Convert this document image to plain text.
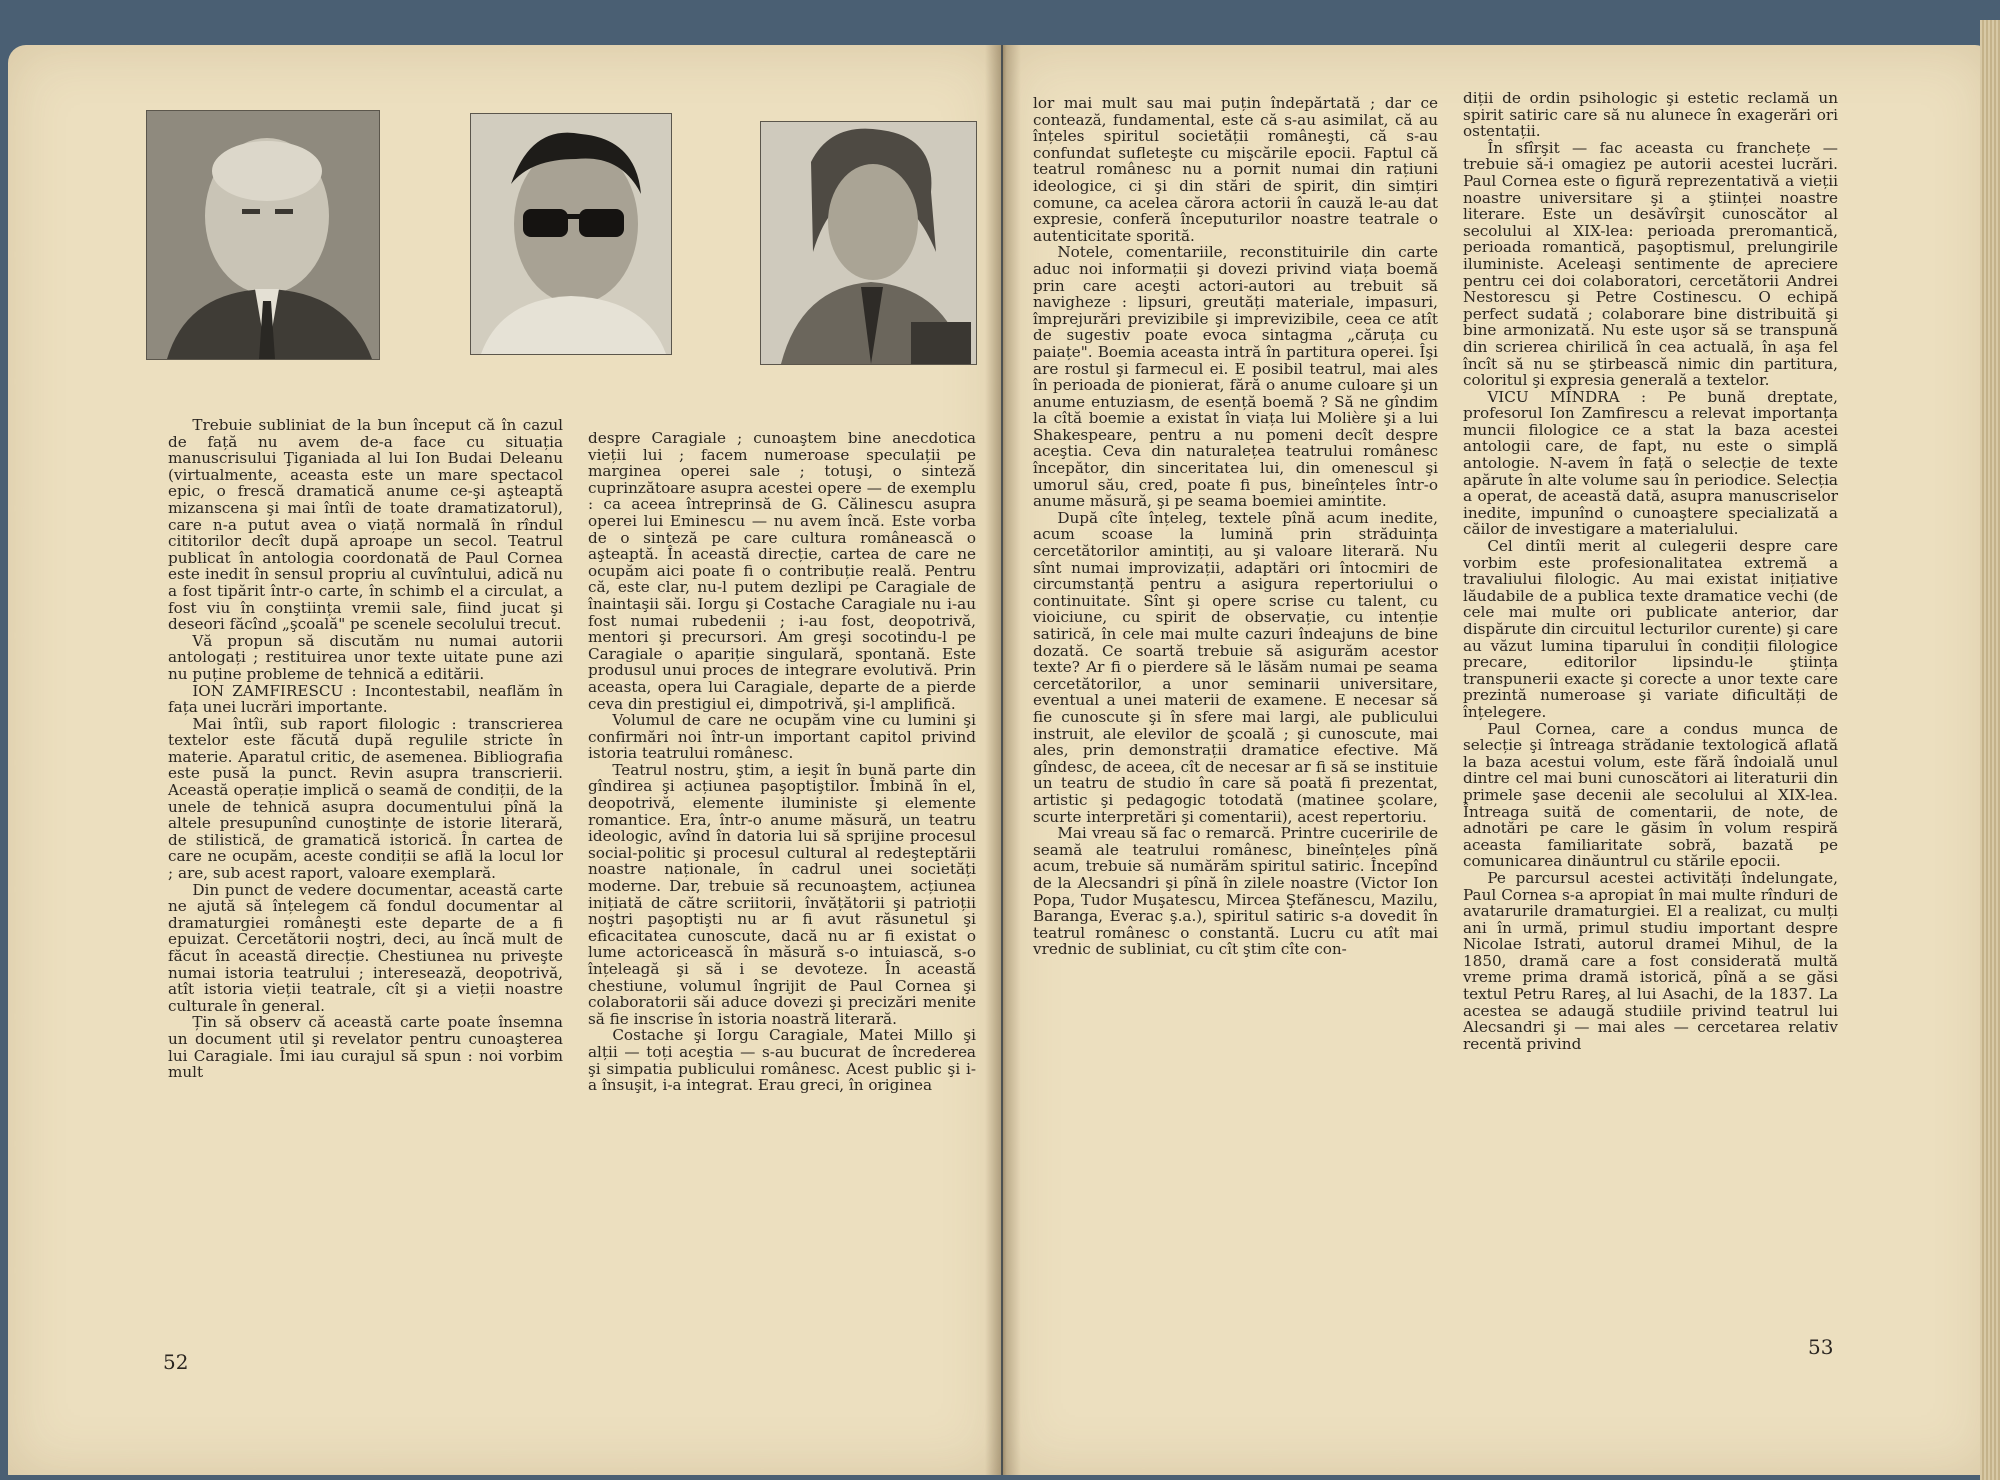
Trebuie subliniat de la bun început că în cazul de față nu avem de-a face cu situația manuscrisului Ţiganiada al lui Ion Budai Deleanu (virtualmente, aceasta este un mare spectacol epic, o frescă dramatică anume ce-şi aşteaptă mizanscena şi mai întîi de toate dramatizatorul), care n-a putut avea o viață normală în rîndul cititorilor decît după aproape un secol. Teatrul publicat în antologia coordonată de Paul Cornea este inedit în sensul propriu al cuvîntului, adică nu a fost tipărit într-o carte, în schimb el a circulat, a fost viu în conştiința vremii sale, fiind jucat şi deseori făcînd „şcoală" pe scenele secolului trecut.

Vă propun să discutăm nu numai autorii antologați ; restituirea unor texte uitate pune azi nu puține probleme de tehnică a editării.

ION ZAMFIRESCU : Incontestabil, neaflăm în fața unei lucrări importante.

Mai întîi, sub raport filologic : transcrierea textelor este făcută după regulile stricte în materie. Aparatul critic, de asemenea. Bibliografia este pusă la punct. Revin asupra transcrierii. Această operație implică o seamă de condiții, de la unele de tehnică asupra documentului pînă la altele presupunînd cunoştințe de istorie literară, de stilistică, de gramatică istorică. În cartea de care ne ocupăm, aceste condiții se află la locul lor ; are, sub acest raport, valoare exemplară.

Din punct de vedere documentar, această carte ne ajută să înțelegem că fondul documentar al dramaturgiei româneşti este departe de a fi epuizat. Cercetătorii noştri, deci, au încă mult de făcut în această direcție. Chestiunea nu priveşte numai istoria teatrului ; interesează, deopotrivă, atît istoria vieții teatrale, cît şi a vieții noastre culturale în general.

Țin să observ că această carte poate însemna un document util şi revelator pentru cunoaşterea lui Caragiale. Îmi iau curajul să spun : noi vorbim mult

despre Caragiale ; cunoaştem bine anecdotica vieții lui ; facem numeroase speculații pe marginea operei sale ; totuşi, o sinteză cuprinzătoare asupra acestei opere — de exemplu : ca aceea întreprinsă de G. Călinescu asupra operei lui Eminescu — nu avem încă. Este vorba de o sinteză pe care cultura românească o aşteaptă. În această direcție, cartea de care ne ocupăm aici poate fi o contribuție reală. Pentru că, este clar, nu-l putem dezlipi pe Caragiale de înaintaşii săi. Iorgu şi Costache Caragiale nu i-au fost numai rubedenii ; i-au fost, deopotrivă, mentori şi precursori. Am greşi socotindu-l pe Caragiale o apariție singulară, spontană. Este produsul unui proces de integrare evolutivă. Prin aceasta, opera lui Caragiale, departe de a pierde ceva din prestigiul ei, dimpotrivă, şi-l amplifică.

Volumul de care ne ocupăm vine cu lumini şi confirmări noi într-un important capitol privind istoria teatrului românesc.

Teatrul nostru, ştim, a ieşit în bună parte din gîndirea şi acțiunea paşoptiştilor. Îmbină în el, deopotrivă, elemente iluministe şi elemente romantice. Era, într-o anume măsură, un teatru ideologic, avînd în datoria lui să sprijine procesul social-politic şi procesul cultural al redeşteptării noastre naționale, în cadrul unei societăți moderne. Dar, trebuie să recunoaştem, acțiunea inițiată de către scriitorii, învățătorii şi patrioții noştri paşoptişti nu ar fi avut răsunetul şi eficacitatea cunoscute, dacă nu ar fi existat o lume actoricească în măsură s-o intuiască, s-o înțeleagă şi să i se devoteze. În această chestiune, volumul îngrijit de Paul Cornea şi colaboratorii săi aduce dovezi şi precizări menite să fie inscrise în istoria noastră literară.

Costache şi Iorgu Caragiale, Matei Millo şi alții — toți aceştia — s-au bucurat de încrederea şi simpatia publicului românesc. Acest public şi i-a însuşit, i-a integrat. Erau greci, în originea

52

lor mai mult sau mai puțin îndepărtată ; dar ce contează, fundamental, este că s-au asimilat, că au înțeles spiritul societății româneşti, că s-au confundat sufleteşte cu mişcările epocii. Faptul că teatrul românesc nu a pornit numai din rațiuni ideologice, ci şi din stări de spirit, din simțiri comune, ca acelea cărora actorii în cauză le-au dat expresie, conferă începuturilor noastre teatrale o autenticitate sporită.

Notele, comentariile, reconstituirile din carte aduc noi informații şi dovezi privind viața boemă prin care aceşti actori-autori au trebuit să navigheze : lipsuri, greutăți materiale, impasuri, împrejurări previzibile şi imprevizibile, ceea ce atît de sugestiv poate evoca sintagma „căruța cu paiațe". Boemia aceasta intră în partitura operei. Îşi are rostul şi farmecul ei. E posibil teatrul, mai ales în perioada de pionierat, fără o anume culoare şi un anume entuziasm, de esență boemă ? Să ne gîndim la cîtă boemie a existat în viața lui Molière şi a lui Shakespeare, pentru a nu pomeni decît despre aceştia. Ceva din naturalețea teatrului românesc începător, din sinceritatea lui, din omenescul şi umorul său, cred, poate fi pus, bineînțeles într-o anume măsură, şi pe seama boemiei amintite.

După cîte înțeleg, textele pînă acum inedite, acum scoase la lumină prin străduința cercetătorilor amintiți, au şi valoare literară. Nu sînt numai improvizații, adaptări ori întocmiri de circumstanță pentru a asigura repertoriului o continuitate. Sînt şi opere scrise cu talent, cu vioiciune, cu spirit de observație, cu intenție satirică, în cele mai multe cazuri îndeajuns de bine dozată. Ce soartă trebuie să asigurăm acestor texte? Ar fi o pierdere să le lăsăm numai pe seama cercetătorilor, a unor seminarii universitare, eventual a unei materii de examene. E necesar să fie cunoscute şi în sfere mai largi, ale publicului instruit, ale elevilor de şcoală ; şi cunoscute, mai ales, prin demonstrații dramatice efective. Mă gîndesc, de aceea, cît de necesar ar fi să se instituie un teatru de studio în care să poată fi prezentat, artistic şi pedagogic totodată (matinee şcolare, scurte interpretări şi comentarii), acest repertoriu.

Mai vreau să fac o remarcă. Printre cuceririle de seamă ale teatrului românesc, bineînțeles pînă acum, trebuie să numărăm spiritul satiric. Începînd de la Alecsandri şi pînă în zilele noastre (Victor Ion Popa, Tudor Muşatescu, Mircea Ştefănescu, Mazilu, Baranga, Everac ş.a.), spiritul satiric s-a dovedit în teatrul românesc o constantă. Lucru cu atît mai vrednic de subliniat, cu cît ştim cîte con-

diții de ordin psihologic şi estetic reclamă un spirit satiric care să nu alunece în exagerări ori ostentații.

În sfîrşit — fac aceasta cu franchețe — trebuie să-i omagiez pe autorii acestei lucrări. Paul Cornea este o figură reprezentativă a vieții noastre universitare şi a ştiinței noastre literare. Este un desăvîrşit cunoscător al secolului al XIX-lea: perioada preromantică, perioada romantică, paşoptismul, prelungirile iluministe. Aceleaşi sentimente de apreciere pentru cei doi colaboratori, cercetătorii Andrei Nestorescu şi Petre Costinescu. O echipă perfect sudată ; colaborare bine distribuită şi bine armonizată. Nu este uşor să se transpună din scrierea chirilică în cea actuală, în aşa fel încît să nu se ştirbească nimic din partitura, coloritul şi expresia generală a textelor.

VICU MÎNDRA : Pe bună dreptate, profesorul Ion Zamfirescu a relevat importanța muncii filologice ce a stat la baza acestei antologii care, de fapt, nu este o simplă antologie. N-avem în față o selecție de texte apărute în alte volume sau în periodice. Selecția a operat, de această dată, asupra manuscriselor inedite, impunînd o cunoaştere specializată a căilor de investigare a materialului.

Cel dintîi merit al culegerii despre care vorbim este profesionalitatea extremă a travaliului filologic. Au mai existat inițiative lăudabile de a publica texte dramatice vechi (de cele mai multe ori publicate anterior, dar dispărute din circuitul lecturilor curente) şi care au văzut lumina tiparului în condiții filologice precare, editorilor lipsindu-le ştiința transpunerii exacte şi corecte a unor texte care prezintă numeroase şi variate dificultăți de înțelegere.

Paul Cornea, care a condus munca de selecție şi întreaga strădanie textologică aflată la baza acestui volum, este fără îndoială unul dintre cel mai buni cunoscători ai literaturii din primele şase decenii ale secolului al XIX-lea. Întreaga suită de comentarii, de note, de adnotări pe care le găsim în volum respiră aceasta familiaritate sobră, bazată pe comunicarea dinăuntrul cu stările epocii.

Pe parcursul acestei activități îndelungate, Paul Cornea s-a apropiat în mai multe rînduri de avatarurile dramaturgiei. El a realizat, cu mulți ani în urmă, primul studiu important despre Nicolae Istrati, autorul dramei Mihul, de la 1850, dramă care a fost considerată multă vreme prima dramă istorică, pînă a se găsi textul Petru Rareş, al lui Asachi, de la 1837. La acestea se adaugă studiile privind teatrul lui Alecsandri şi — mai ales — cercetarea relativ recentă privind

53
